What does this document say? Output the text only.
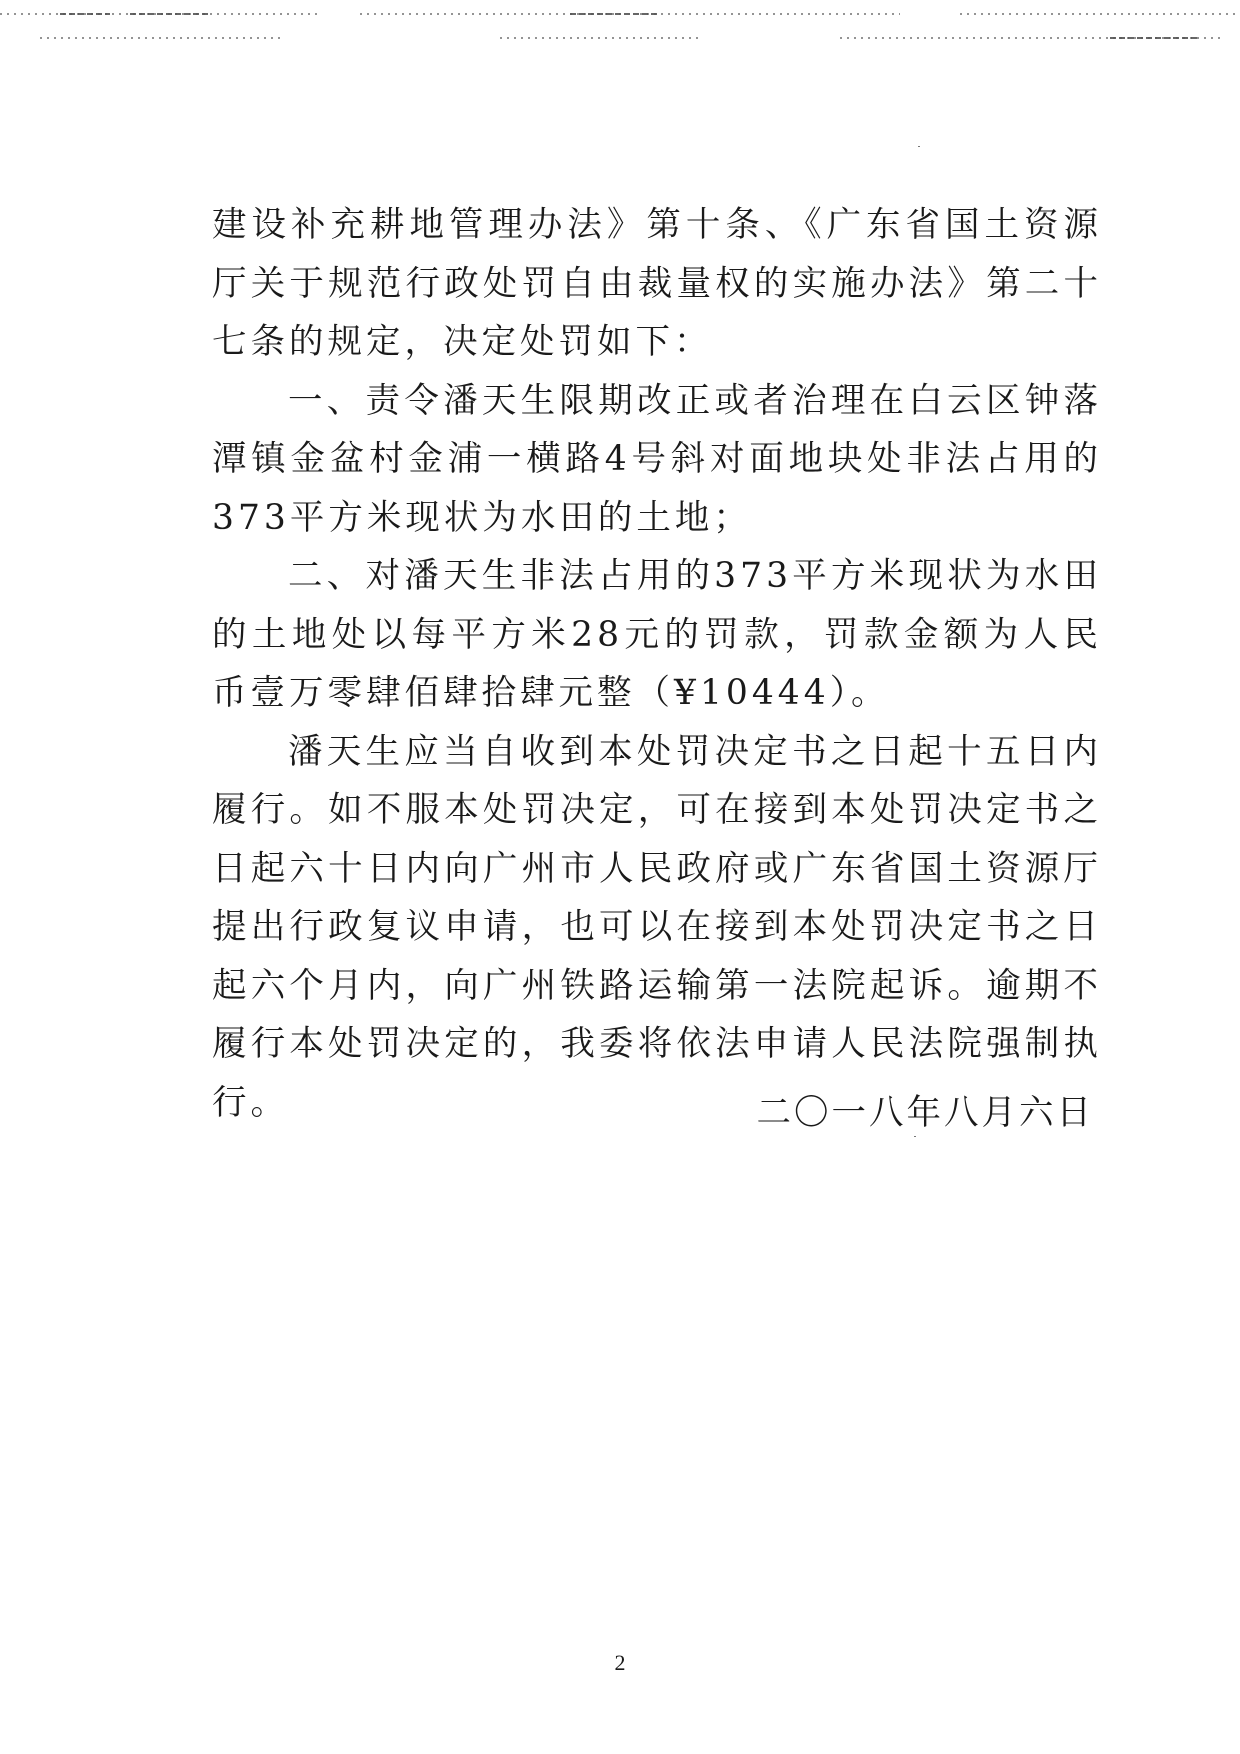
建设补充耕地管理办法》第十条、《广东省国土资源厅关于规范行政处罚自由裁量权的实施办法》第二十七条的规定，决定处罚如下：

一、责令潘天生限期改正或者治理在白云区钟落潭镇金盆村金浦一横路4号斜对面地块处非法占用的373平方米现状为水田的土地；

二、对潘天生非法占用的373平方米现状为水田的土地处以每平方米28元的罚款，罚款金额为人民币壹万零肆佰肆拾肆元整（¥10444）。

潘天生应当自收到本处罚决定书之日起十五日内履行。如不服本处罚决定，可在接到本处罚决定书之日起六十日内向广州市人民政府或广东省国土资源厅提出行政复议申请，也可以在接到本处罚决定书之日起六个月内，向广州铁路运输第一法院起诉。逾期不履行本处罚决定的，我委将依法申请人民法院强制执行。	二〇一八年八月六日
2
